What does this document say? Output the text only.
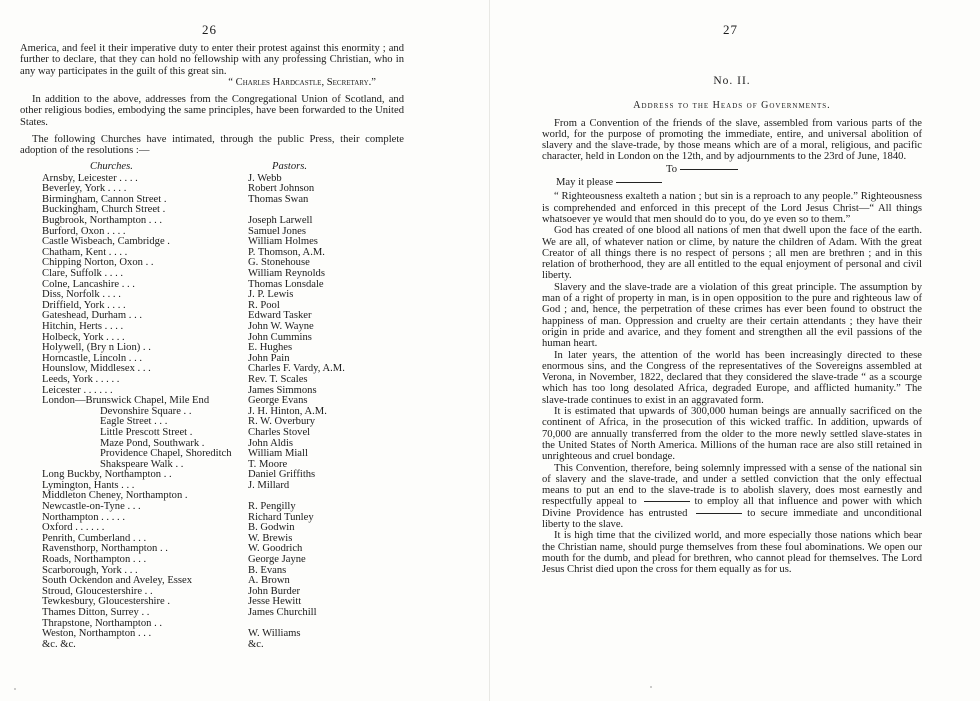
26

America, and feel it their imperative duty to enter their protest against this enormity ; and further to declare, that they can hold no fellowship with any professing Christian, who in any way participates in the guilt of this great sin.

“ Charles Hardcastle, Secretary.”

In addition to the above, addresses from the Congregational Union of Scotland, and other religious bodies, embodying the same principles, have been forwarded to the United States.

The following Churches have intimated, through the public Press, their complete adoption of the resolutions :—

Churches.	Pastors.
Arnsby, Leicester . . . .	J. Webb
Beverley, York . . . .	Robert Johnson
Birmingham, Cannon Street .	Thomas Swan
Buckingham, Church Street .	
Bugbrook, Northampton . . .	Joseph Larwell
Burford, Oxon . . . .	Samuel Jones
Castle Wisbeach, Cambridge .	William Holmes
Chatham, Kent . . . .	P. Thomson, A.M.
Chipping Norton, Oxon . .	G. Stonehouse
Clare, Suffolk . . . .	William Reynolds
Colne, Lancashire . . .	Thomas Lonsdale
Diss, Norfolk . . . .	J. P. Lewis
Driffield, York . . . .	R. Pool
Gateshead, Durham . . .	Edward Tasker
Hitchin, Herts . . . .	John W. Wayne
Holbeck, York . . . .	John Cummins
Holywell, (Bry n Lion) . .	E. Hughes
Horncastle, Lincoln . . .	John Pain
Hounslow, Middlesex . . .	Charles F. Vardy, A.M.
Leeds, York . . . . .	Rev. T. Scales
Leicester . . . . . .	James Simmons
London—Brunswick Chapel, Mile End	George Evans
Devonshire Square . .	J. H. Hinton, A.M.
Eagle Street . . .	R. W. Overbury
Little Prescott Street .	Charles Stovel
Maze Pond, Southwark .	John Aldis
Providence Chapel, Shoreditch	William Miall
Shakspeare Walk . .	T. Moore
Long Buckby, Northampton . .	Daniel Griffiths
Lymington, Hants . . .	J. Millard
Middleton Cheney, Northampton .	
Newcastle-on-Tyne . . .	R. Pengilly
Northampton . . . . .	Richard Tunley
Oxford . . . . . .	B. Godwin
Penrith, Cumberland . . .	W. Brewis
Ravensthorp, Northampton . .	W. Goodrich
Roads, Northampton . . .	George Jayne
Scarborough, York . . .	B. Evans
South Ockendon and Aveley, Essex	A. Brown
Stroud, Gloucestershire . .	John Burder
Tewkesbury, Gloucestershire .	Jesse Hewitt
Thames Ditton, Surrey . .	James Churchill
Thrapstone, Northampton . .	
Weston, Northampton . . .	W. Williams
&c. &c.	&c.
27

No. II.

Address to the Heads of Governments.

From a Convention of the friends of the slave, assembled from various parts of the world, for the purpose of promoting the immediate, entire, and universal abolition of slavery and the slave-trade, by those means which are of a moral, religious, and pacific character, held in London on the 12th, and by adjournments to the 23rd of June, 1840.

To

May it please

“ Righteousness exalteth a nation ; but sin is a reproach to any people.” Righteousness is comprehended and enforced in this precept of the Lord Jesus Christ—“ All things whatsoever ye would that men should do to you, do ye even so to them.”

God has created of one blood all nations of men that dwell upon the face of the earth. We are all, of whatever nation or clime, by nature the children of Adam. With the great Creator of all things there is no respect of persons ; all men are brethren ; and in this relation of brotherhood, they are all entitled to the equal enjoyment of personal and civil liberty.

Slavery and the slave-trade are a violation of this great principle. The assumption by man of a right of property in man, is in open opposition to the pure and righteous law of God ; and, hence, the perpetration of these crimes has ever been found to obstruct the happiness of man. Oppression and cruelty are their certain attendants ; they have their origin in pride and avarice, and they foment and strengthen all the evil passions of the human heart.

In later years, the attention of the world has been increasingly directed to these enormous sins, and the Congress of the representatives of the Sovereigns assembled at Verona, in November, 1822, declared that they considered the slave-trade “ as a scourge which has too long desolated Africa, degraded Europe, and afflicted humanity.” The slave-trade continues to exist in an aggravated form.

It is estimated that upwards of 300,000 human beings are annually sacrificed on the continent of Africa, in the prosecution of this wicked traffic. In addition, upwards of 70,000 are annually transferred from the older to the more newly settled slave-states in the United States of North America. Millions of the human race are also still retained in unrighteous and cruel bondage.

This Convention, therefore, being solemnly impressed with a sense of the national sin of slavery and the slave-trade, and under a settled conviction that the only effectual means to put an end to the slave-trade is to abolish slavery, does most earnestly and respectfully appeal to	to employ all that influence and power with which Divine Providence has entrusted	to secure immediate and unconditional liberty to the slave.

It is high time that the civilized world, and more especially those nations which bear the Christian name, should purge themselves from these foul abominations. We open our mouth for the dumb, and plead for brethren, who cannot plead for themselves. The Lord Jesus Christ died upon the cross for them equally as for us.
